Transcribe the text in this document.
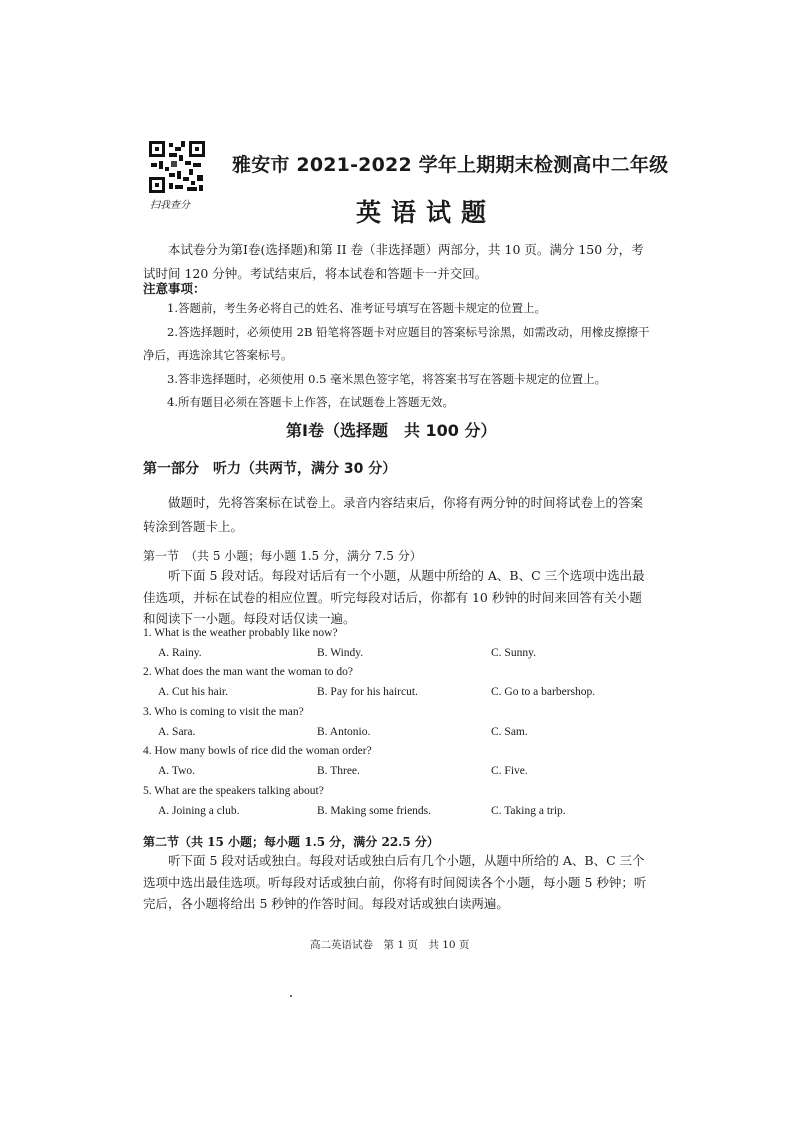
扫我查分
雅安市 2021-2022 学年上期期末检测高中二年级
英语试题
本试卷分为第Ⅰ卷(选择题)和第 II 卷（非选择题）两部分，共 10 页。满分 150 分，考
试时间 120 分钟。考试结束后，将本试卷和答题卡一并交回。
注意事项：

1.答题前，考生务必将自己的姓名、准考证号填写在答题卡规定的位置上。

2.答选择题时，必须使用 2B 铅笔将答题卡对应题目的答案标号涂黑，如需改动，用橡皮擦擦干净后，再选涂其它答案标号。

3.答非选择题时，必须使用 0.5 毫米黑色签字笔，将答案书写在答题卡规定的位置上。

4.所有题目必须在答题卡上作答，在试题卷上答题无效。

第Ⅰ卷（选择题　共 100 分）
第一部分　听力（共两节，满分 30 分）
做题时，先将答案标在试卷上。录音内容结束后，你将有两分钟的时间将试卷上的答案转涂到答题卡上。
第一节　（共 5 小题；每小题 1.5 分，满分 7.5 分）
听下面 5 段对话。每段对话后有一个小题，从题中所给的 A、B、C 三个选项中选出最佳选项，并标在试卷的相应位置。听完每段对话后，你都有 10 秒钟的时间来回答有关小题和阅读下一小题。每段对话仅读一遍。
1. What is the weather probably like now?
A. Rainy.	B. Windy.	C. Sunny.
2. What does the man want the woman to do?
A. Cut his hair.	B. Pay for his haircut.	C. Go to a barbershop.
3. Who is coming to visit the man?
A. Sara.	B. Antonio.	C. Sam.
4. How many bowls of rice did the woman order?
A. Two.	B. Three.	C. Five.
5. What are the speakers talking about?
A. Joining a club.	B. Making some friends.	C. Taking a trip.
第二节（共 15 小题；每小题 1.5 分，满分 22.5 分）
听下面 5 段对话或独白。每段对话或独白后有几个小题，从题中所给的 A、B、C 三个选项中选出最佳选项。听每段对话或独白前，你将有时间阅读各个小题，每小题 5 秒钟；听完后，各小题将给出 5 秒钟的作答时间。每段对话或独白读两遍。
高二英语试卷　第 1 页　共 10 页
